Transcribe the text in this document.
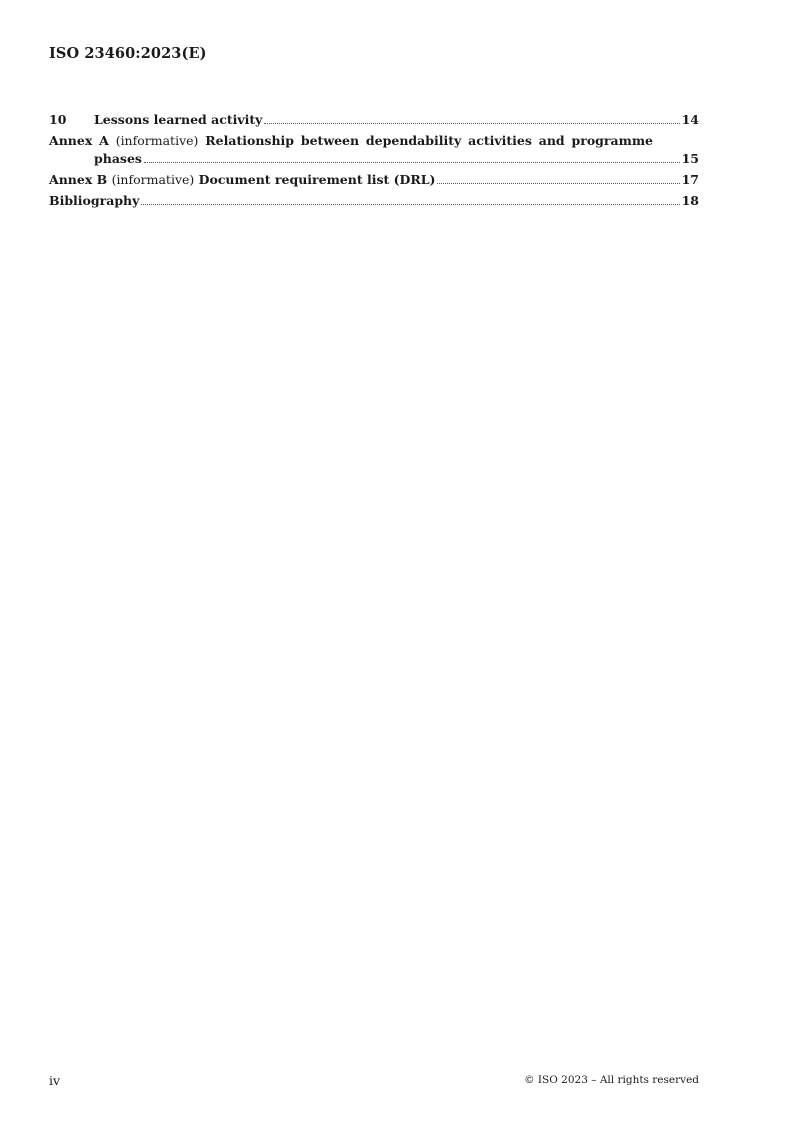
ISO 23460:2023(E)
10 Lessons learned activity	14
Annex A (informative) Relationship between dependability activities and programme
phases	15
Annex B (informative) Document requirement list (DRL)	17
Bibliography	18
iv	© ISO 2023 – All rights reserved
